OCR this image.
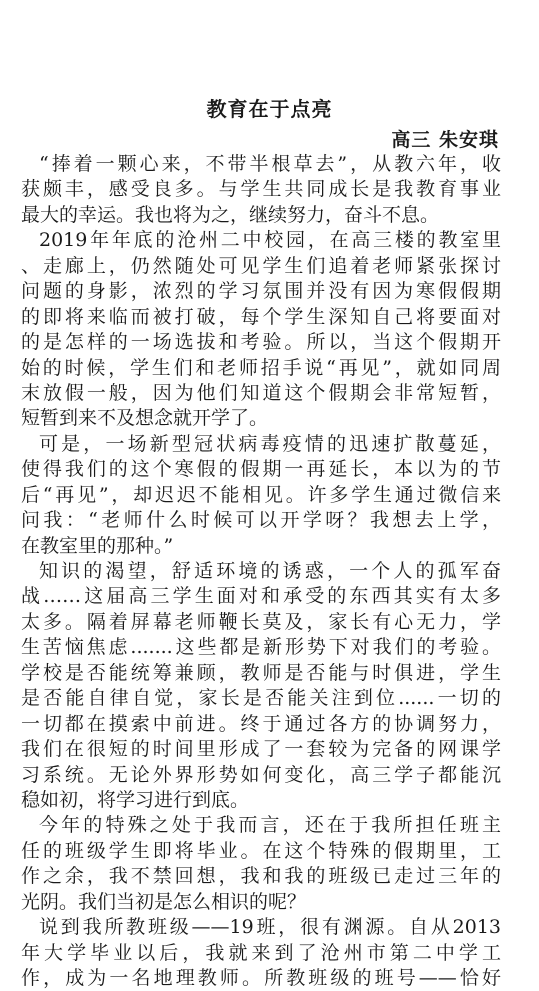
教育在于点亮
高三 朱安琪
“捧着一颗心来，不带半根草去”，从教六年，收
获颇丰，感受良多。与学生共同成长是我教育事业
最大的幸运。我也将为之，继续努力，奋斗不息。
2019年年底的沧州二中校园，在高三楼的教室里
、走廊上，仍然随处可见学生们追着老师紧张探讨
问题的身影，浓烈的学习氛围并没有因为寒假假期
的即将来临而被打破，每个学生深知自己将要面对
的是怎样的一场选拔和考验。所以，当这个假期开
始的时候，学生们和老师招手说“再见”，就如同周
末放假一般，因为他们知道这个假期会非常短暂，
短暂到来不及想念就开学了。
可是，一场新型冠状病毒疫情的迅速扩散蔓延，
使得我们的这个寒假的假期一再延长，本以为的节
后“再见”，却迟迟不能相见。许多学生通过微信来
问我：“老师什么时候可以开学呀？我想去上学，
在教室里的那种。”
知识的渴望，舒适环境的诱惑，一个人的孤军奋
战……这届高三学生面对和承受的东西其实有太多
太多。隔着屏幕老师鞭长莫及，家长有心无力，学
生苦恼焦虑.......这些都是新形势下对我们的考验。
学校是否能统筹兼顾，教师是否能与时俱进，学生
是否能自律自觉，家长是否能关注到位......一切的
一切都在摸索中前进。终于通过各方的协调努力，
我们在很短的时间里形成了一套较为完备的网课学
习系统。无论外界形势如何变化，高三学子都能沉
稳如初，将学习进行到底。
今年的特殊之处于我而言，还在于我所担任班主
任的班级学生即将毕业。在这个特殊的假期里，工
作之余，我不禁回想，我和我的班级已走过三年的
光阴。我们当初是怎么相识的呢？
说到我所教班级——19班，很有渊源。自从2013
年大学毕业以后，我就来到了沧州市第二中学工
作，成为一名地理教师。所教班级的班号——恰好
